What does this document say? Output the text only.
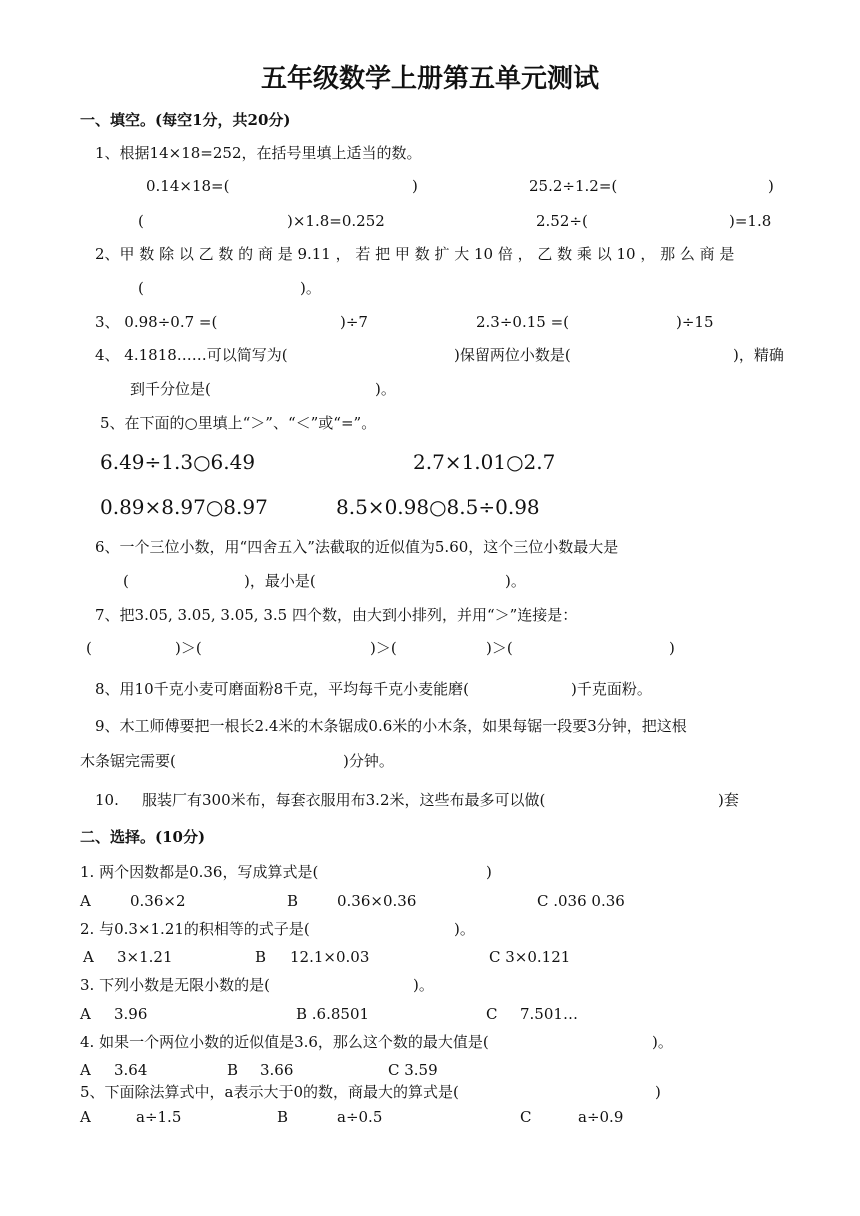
五年级数学上册第五单元测试
一、填空。(每空1分，共20分)
1、根据14×18=252，在括号里填上适当的数。
0.14×18=(	)	25.2÷1.2=(	)
(	)×1.8=0.252	2.52÷(	)=1.8
2、甲 数 除 以 乙 数 的 商 是 9.11 ， 若 把 甲 数 扩 大 10 倍 ， 乙 数 乘 以 10 ， 那 么 商 是
(	)。
3、 0.98÷0.7 =(	)÷7	2.3÷0.15 =(	)÷15
4、 4.1818……可以简写为(	)保留两位小数是(	)，精确
到千分位是(	)。
5、在下面的○里填上“＞”、“＜”或“=”。
6.49÷1.3○6.49	2.7×1.01○2.7
0.89×8.97○8.97	8.5×0.98○8.5÷0.98
6、一个三位小数，用“四舍五入”法截取的近似值为5.60，这个三位小数最大是
(	)，最小是(	)。
7、把3.05, 3.05, 3.05, 3.5 四个数，由大到小排列，并用“＞”连接是：
(	)＞(	)＞(	)＞(	)
8、用10千克小麦可磨面粉8千克，平均每千克小麦能磨(	)千克面粉。
9、木工师傅要把一根长2.4米的木条锯成0.6米的小木条，如果每锯一段要3分钟，把这根
木条锯完需要(	)分钟。
10. 服装厂有300米布，每套衣服用布3.2米，这些布最多可以做(	)套
二、选择。(10分)
1. 两个因数都是0.36，写成算式是(	)
A	0.36×2	B	0.36×0.36	C .036 0.36
2. 与0.3×1.21的积相等的式子是(	)。
A 3×1.21	B 12.1×0.03	C 3×0.121
3. 下列小数是无限小数的是(	)。
A 3.96	B .6.8501	C 7.501…
4. 如果一个两位小数的近似值是3.6，那么这个数的最大值是(	)。
A 3.64	B 3.66	C 3.59
5、下面除法算式中，a表示大于0的数，商最大的算式是(	)
A	a÷1.5	B	a÷0.5	C	a÷0.9
